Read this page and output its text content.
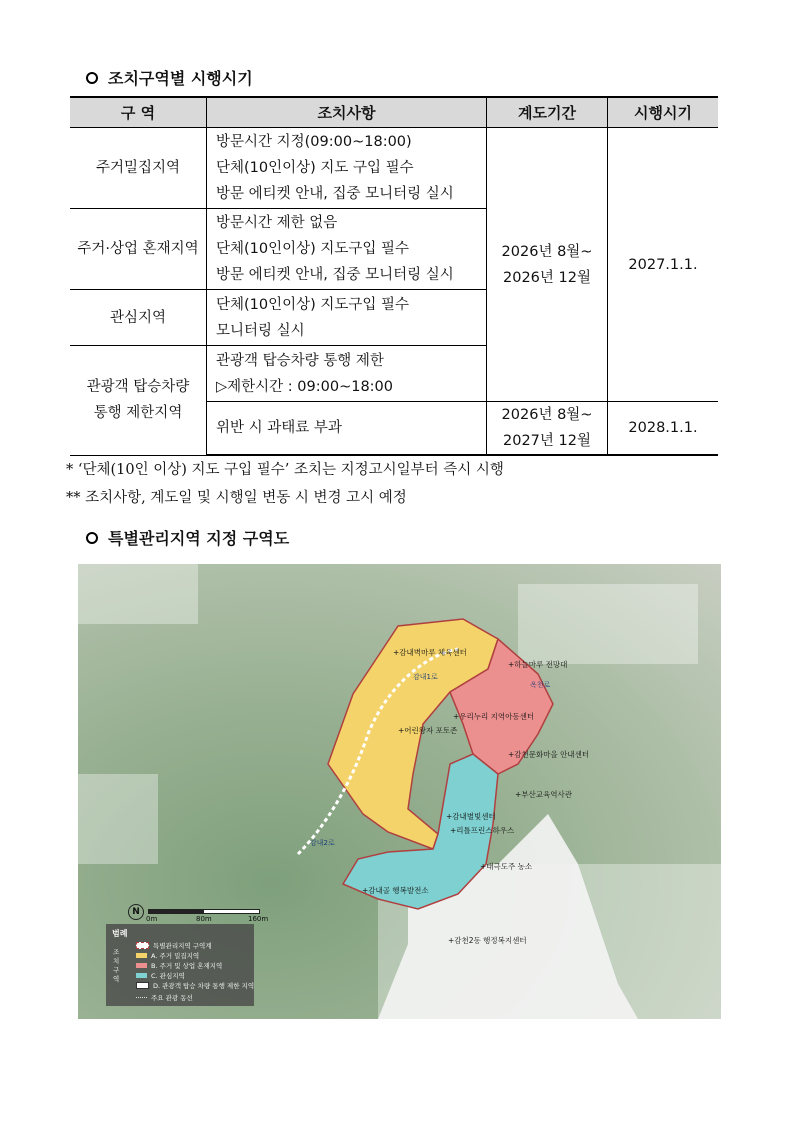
조치구역별 시행시기
구 역	조치사항	계도기간	시행시기
주거밀집지역	방문시간 지정(09:00~18:00)
단체(10인이상) 지도 구입 필수
방문 에티켓 안내, 집중 모니터링 실시	2026년 8월~ 2026년 12월	2027.1.1.
주거·상업 혼재지역	방문시간 제한 없음
단체(10인이상) 지도구입 필수
방문 에티켓 안내, 집중 모니터링 실시		

관심지역	단체(10인이상) 지도구입 필수
모니터링 실시		

관광객 탑승차량 통행 제한지역	관광객 탑승차량 통행 제한
▷제한시간 : 09:00~18:00		

	위반 시 과태료 부과	2026년 8월~ 2027년 12월	2028.1.1.
* ‘단체(10인 이상) 지도 구입 필수’ 조치는 지정고시일부터 즉시 시행
** 조치사항, 계도일 및 시행일 변동 시 변경 고시 예정
특별관리지역 지정 구역도
+감내벽마루 체육센터
+하늘마루 전망대
+우리누리 지역아동센터
+어린왕자 포토존
+감천문화마을 안내센터
+부산교육역사관
+감내별빛센터
+리틀프린스하우스
+태극도주 농소
+감내골 행복발전소
+감천2동 행정복지센터
감내2로
감내1로
옥천로
N
0m	80m	160m
범례
조치구역
특별관리지역 구역계
A. 주거 밀집지역
B. 주거 및 상업 혼재지역
C. 관심지역
D. 관광객 탑승 차량 통행 제한 지역
주요 관광 동선
